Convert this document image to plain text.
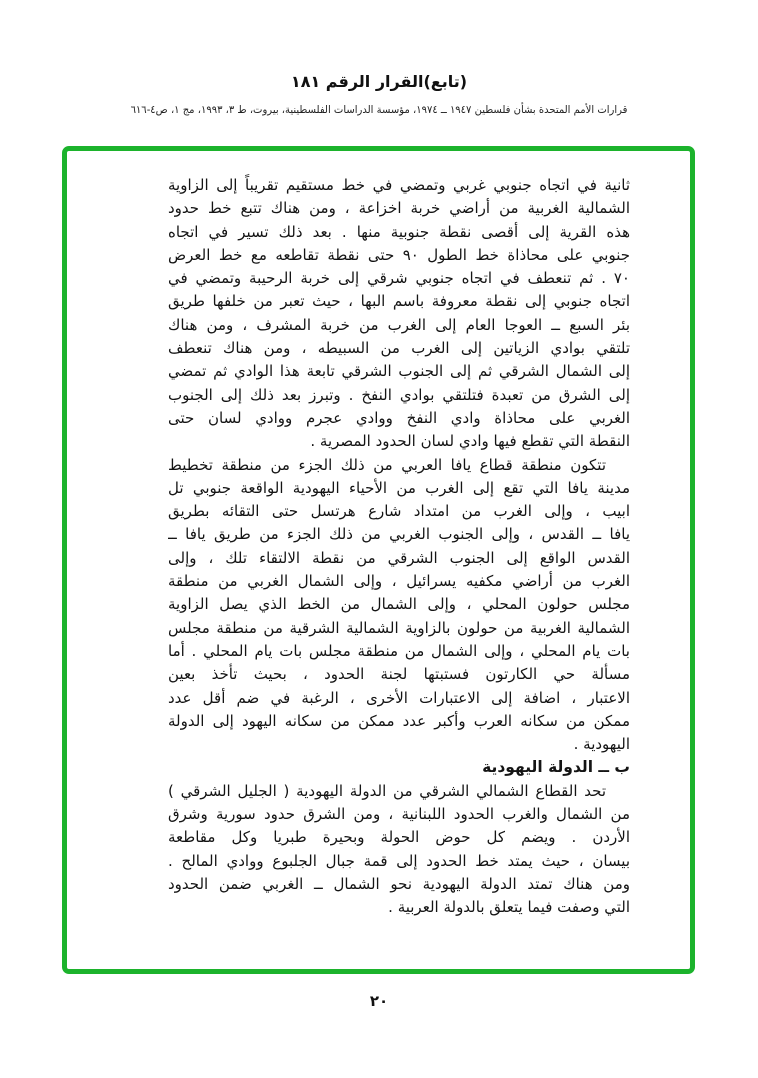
(تابع)القرار الرقم ١٨١
قرارات الأمم المتحدة بشأن فلسطين ١٩٤٧ ــ ١٩٧٤، مؤسسة الدراسات الفلسطينية، بيروت، ط ٣، ١٩٩٣، مج ١، ص٤-٦١٦
ثانية في اتجاه جنوبي غربي وتمضي في خط مستقيم تقريباً إلى الزاوية
الشمالية الغربية من أراضي خربة اخزاعة ، ومن هناك تتبع خط حدود
هذه القرية إلى أقصى نقطة جنوبية منها . بعد ذلك تسير في اتجاه
جنوبي على محاذاة خط الطول ٩٠ حتى نقطة تقاطعه مع خط العرض
٧٠ . ثم تنعطف في اتجاه جنوبي شرقي إلى خربة الرحيبة وتمضي في
اتجاه جنوبي إلى نقطة معروفة باسم البها ، حيث تعبر من خلفها طريق
بئر السبع ــ العوجا العام إلى الغرب من خربة المشرف ، ومن هناك
تلتقي بوادي الزياتين إلى الغرب من السبيطه ، ومن هناك تنعطف
إلى الشمال الشرقي ثم إلى الجنوب الشرقي تابعة هذا الوادي ثم تمضي
إلى الشرق من تعبدة فتلتقي بوادي النفخ . وتبرز بعد ذلك إلى الجنوب
الغربي على محاذاة وادي النفخ ووادي عجرم ووادي لسان حتى
النقطة التي تقطع فيها وادي لسان الحدود المصرية .
تتكون منطقة قطاع يافا العربي من ذلك الجزء من منطقة تخطيط
مدينة يافا التي تقع إلى الغرب من الأحياء اليهودية الواقعة جنوبي تل
ابيب ، وإلى الغرب من امتداد شارع هرتسل حتى التقائه بطريق
يافا ــ القدس ، وإلى الجنوب الغربي من ذلك الجزء من طريق يافا ــ
القدس الواقع إلى الجنوب الشرقي من نقطة الالتقاء تلك ، وإلى
الغرب من أراضي مكفيه يسرائيل ، وإلى الشمال الغربي من منطقة
مجلس حولون المحلي ، وإلى الشمال من الخط الذي يصل الزاوية
الشمالية الغربية من حولون بالزاوية الشمالية الشرقية من منطقة مجلس
بات يام المحلي ، وإلى الشمال من منطقة مجلس بات يام المحلي . أما
مسألة حي الكارتون فستبتها لجنة الحدود ، بحيث تأخذ بعين
الاعتبار ، اضافة إلى الاعتبارات الأخرى ، الرغبة في ضم أقل عدد
ممكن من سكانه العرب وأكبر عدد ممكن من سكانه اليهود إلى الدولة
اليهودية .
ب ــ الدولة اليهودية
تحد القطاع الشمالي الشرقي من الدولة اليهودية ( الجليل الشرقي )
من الشمال والغرب الحدود اللبنانية ، ومن الشرق حدود سورية وشرق
الأردن . ويضم كل حوض الحولة وبحيرة طبريا وكل مقاطعة
بيسان ، حيث يمتد خط الحدود إلى قمة جبال الجلبوع ووادي المالح .
ومن هناك تمتد الدولة اليهودية نحو الشمال ــ الغربي ضمن الحدود
التي وصفت فيما يتعلق بالدولة العربية .
٢٠
